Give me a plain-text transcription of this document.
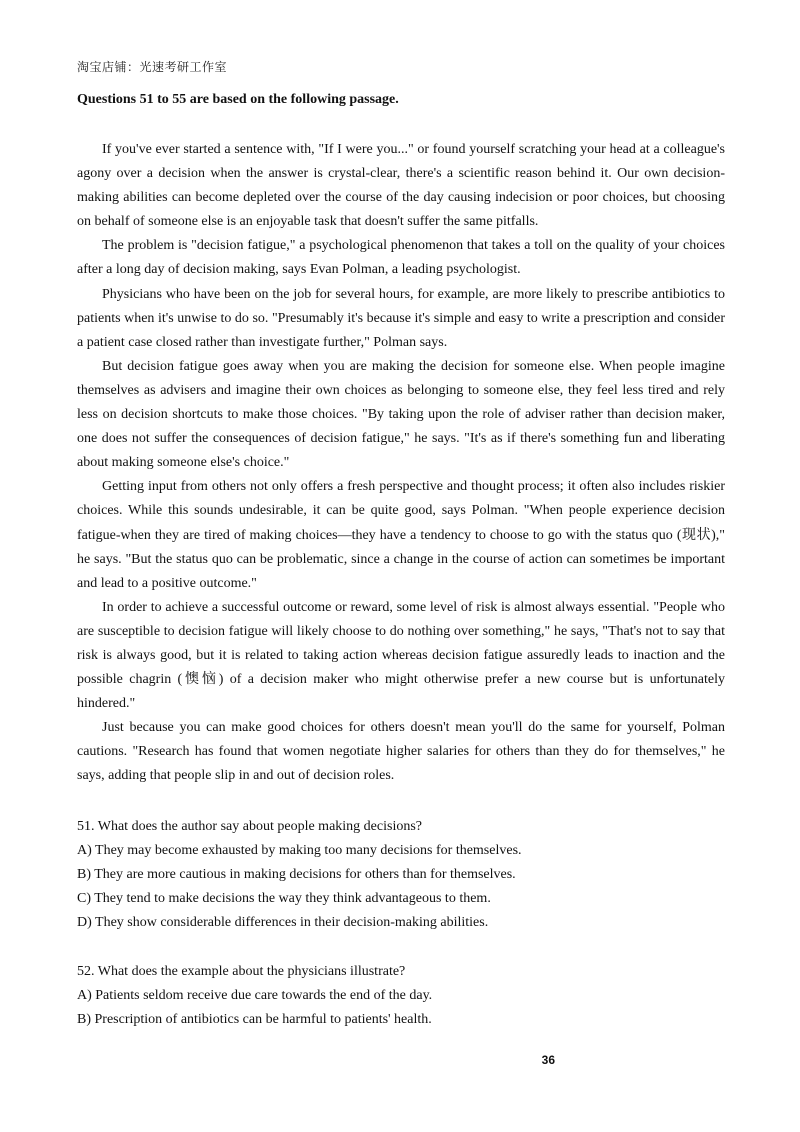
淘宝店铺：光速考研工作室
Questions 51 to 55 are based on the following passage.

If you've ever started a sentence with, "If I were you..." or found yourself scratching your head at a colleague's agony over a decision when the answer is crystal-clear, there's a scientific reason behind it. Our own decision-making abilities can become depleted over the course of the day causing indecision or poor choices, but choosing on behalf of someone else is an enjoyable task that doesn't suffer the same pitfalls.

The problem is "decision fatigue," a psychological phenomenon that takes a toll on the quality of your choices after a long day of decision making, says Evan Polman, a leading psychologist.

Physicians who have been on the job for several hours, for example, are more likely to prescribe antibiotics to patients when it's unwise to do so. "Presumably it's because it's simple and easy to write a prescription and consider a patient case closed rather than investigate further," Polman says.

But decision fatigue goes away when you are making the decision for someone else. When people imagine themselves as advisers and imagine their own choices as belonging to someone else, they feel less tired and rely less on decision shortcuts to make those choices. "By taking upon the role of adviser rather than decision maker, one does not suffer the consequences of decision fatigue," he says. "It's as if there's something fun and liberating about making someone else's choice."

Getting input from others not only offers a fresh perspective and thought process; it often also includes riskier choices. While this sounds undesirable, it can be quite good, says Polman. "When people experience decision fatigue-when they are tired of making choices—they have a tendency to choose to go with the status quo (现状)," he says. "But the status quo can be problematic, since a change in the course of action can sometimes be important and lead to a positive outcome."

In order to achieve a successful outcome or reward, some level of risk is almost always essential. "People who are susceptible to decision fatigue will likely choose to do nothing over something," he says, "That's not to say that risk is always good, but it is related to taking action whereas decision fatigue assuredly leads to inaction and the possible chagrin (懊恼) of a decision maker who might otherwise prefer a new course but is unfortunately hindered."

Just because you can make good choices for others doesn't mean you'll do the same for yourself, Polman cautions. "Research has found that women negotiate higher salaries for others than they do for themselves," he says, adding that people slip in and out of decision roles.

51. What does the author say about people making decisions?
A) They may become exhausted by making too many decisions for themselves.
B) They are more cautious in making decisions for others than for themselves.
C) They tend to make decisions the way they think advantageous to them.
D) They show considerable differences in their decision-making abilities.
52. What does the example about the physicians illustrate?
A) Patients seldom receive due care towards the end of the day.
B) Prescription of antibiotics can be harmful to patients' health.
36
